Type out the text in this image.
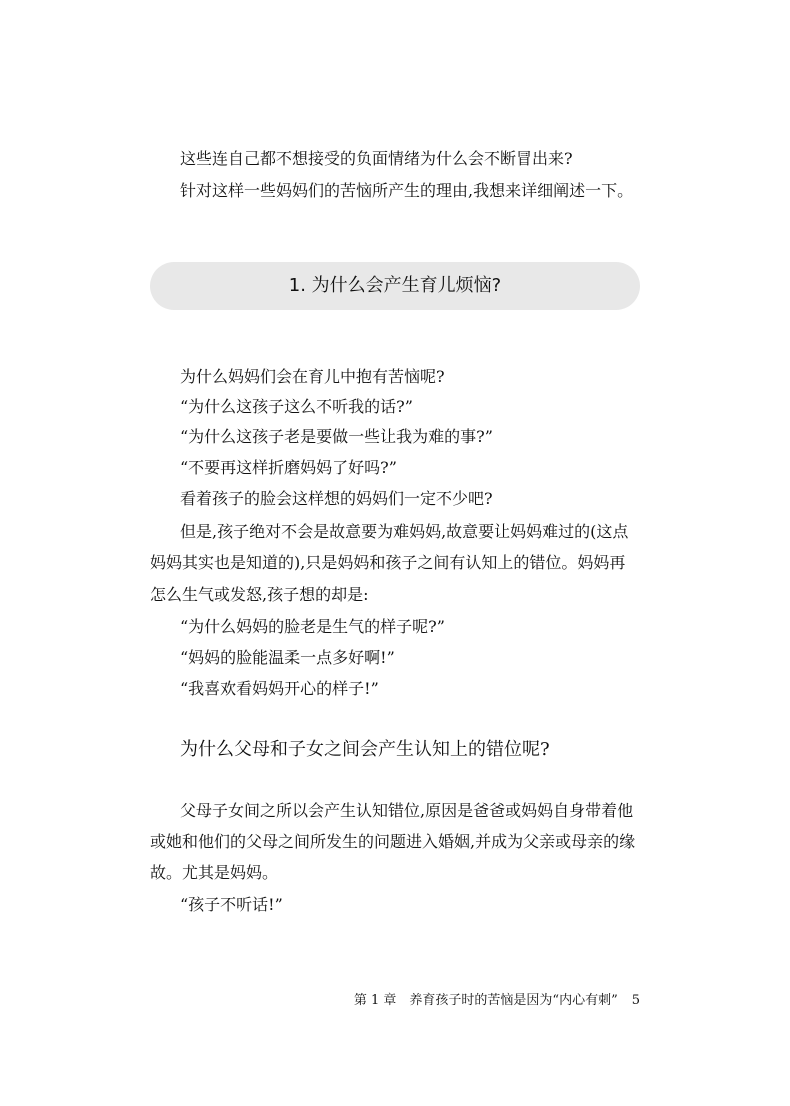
这些连自己都不想接受的负面情绪为什么会不断冒出来?
针对这样一些妈妈们的苦恼所产生的理由,我想来详细阐述一下。
1. 为什么会产生育儿烦恼?
为什么妈妈们会在育儿中抱有苦恼呢?
“为什么这孩子这么不听我的话?”
“为什么这孩子老是要做一些让我为难的事?”
“不要再这样折磨妈妈了好吗?”
看着孩子的脸会这样想的妈妈们一定不少吧?
但是,孩子绝对不会是故意要为难妈妈,故意要让妈妈难过的(这点
妈妈其实也是知道的),只是妈妈和孩子之间有认知上的错位。妈妈再
怎么生气或发怒,孩子想的却是:
“为什么妈妈的脸老是生气的样子呢?”
“妈妈的脸能温柔一点多好啊!”
“我喜欢看妈妈开心的样子!”
为什么父母和子女之间会产生认知上的错位呢?
父母子女间之所以会产生认知错位,原因是爸爸或妈妈自身带着他
或她和他们的父母之间所发生的问题进入婚姻,并成为父亲或母亲的缘
故。尤其是妈妈。
“孩子不听话!”
第 1 章　养育孩子时的苦恼是因为“内心有刺” 5
